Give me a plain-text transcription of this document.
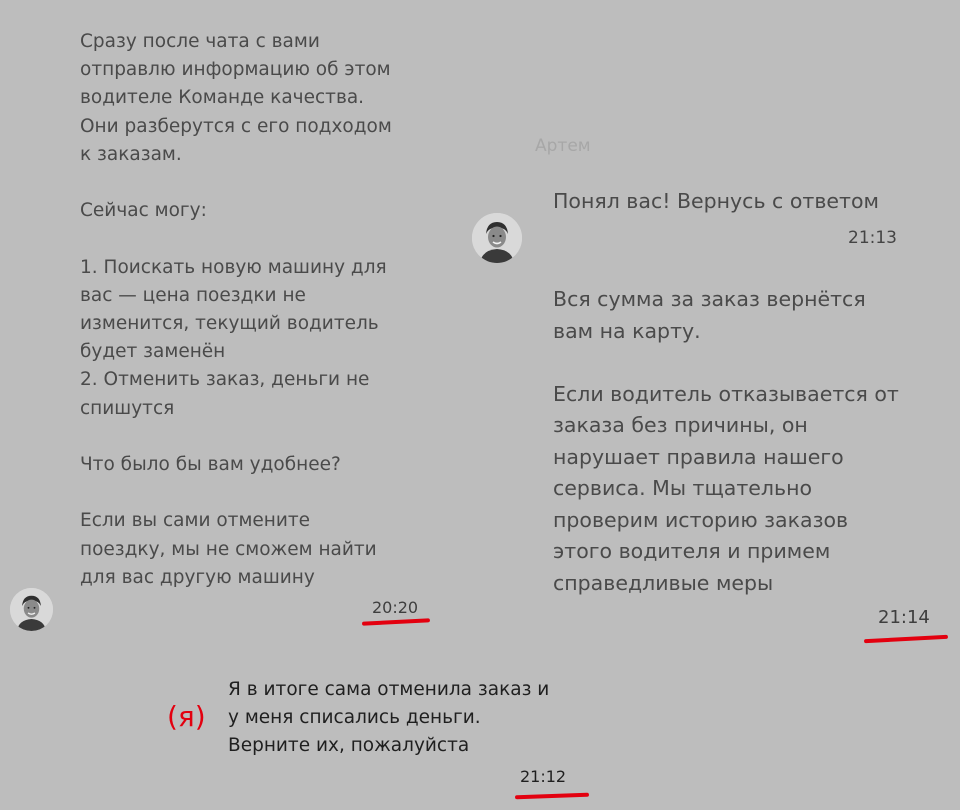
Сразу после чата с вами
отправлю информацию об этом
водителе Команде качества.
Они разберутся с его подходом
к заказам.

Сейчас могу:

1. Поискать новую машину для
вас — цена поездки не
изменится, текущий водитель
будет заменён
2. Отменить заказ, деньги не
спишутся

Что было бы вам удобнее?

Если вы сами отмените
поездку, мы не сможем найти
для вас другую машину

20:20
Артем

Понял вас! Вернусь с ответом

21:13

Вся сумма за заказ вернётся
вам на карту.

Если водитель отказывается от
заказа без причины, он
нарушает правила нашего
сервиса. Мы тщательно
проверим историю заказов
этого водителя и примем
справедливые меры

21:14
(я)

Я в итоге сама отменила заказ и
у меня списались деньги.
Верните их, пожалуйста

21:12
